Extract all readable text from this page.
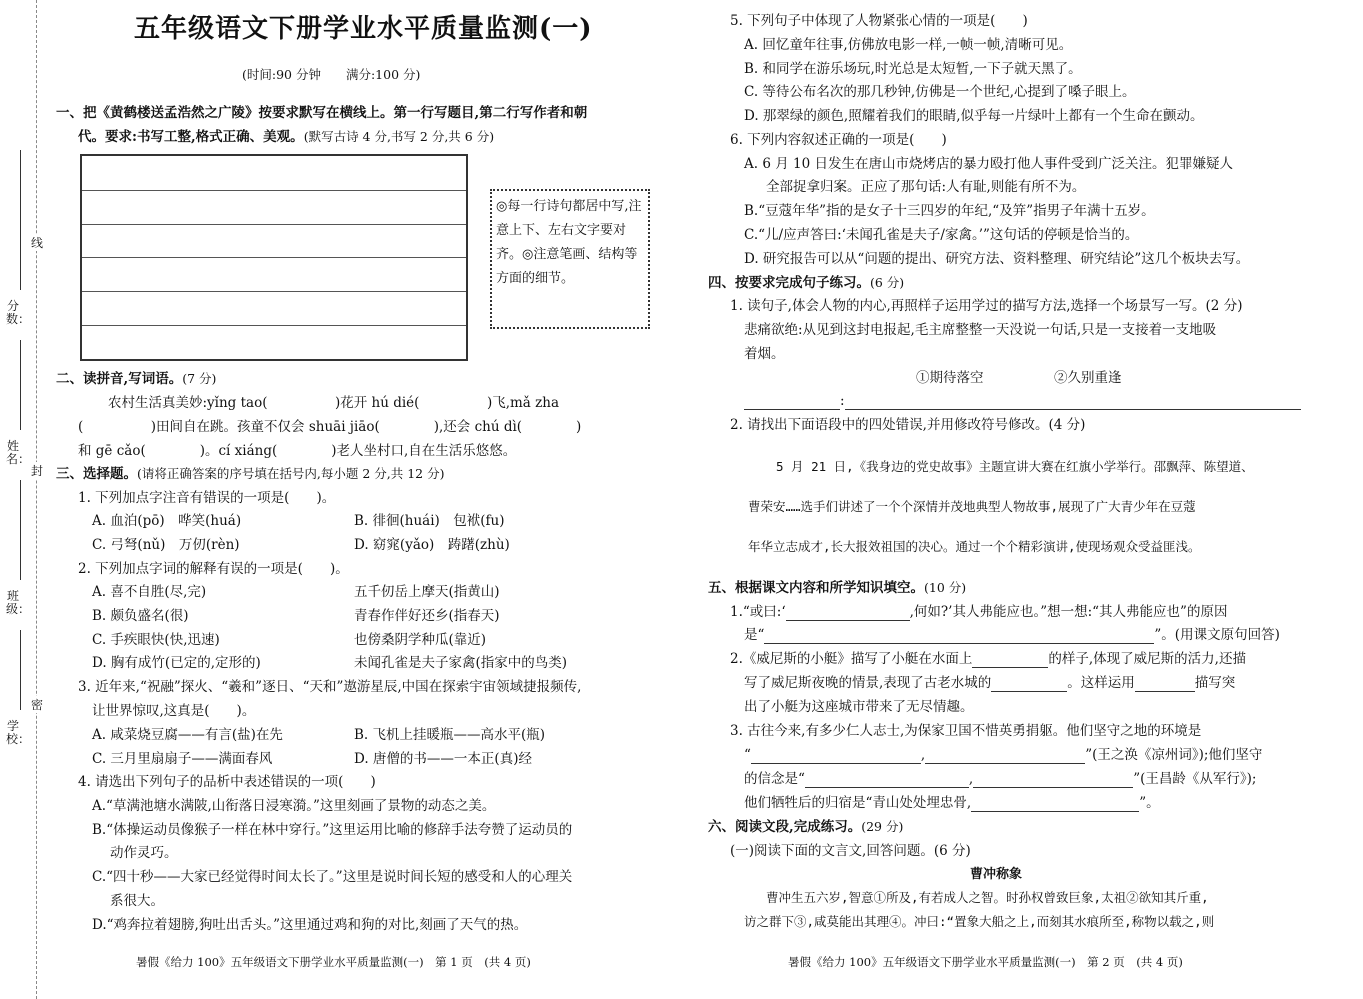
线
分数：
姓名：
封
班级：
密
学校：
五年级语文下册学业水平质量监测(一)
(时间:90 分钟　　满分:100 分)
一、把《黄鹤楼送孟浩然之广陵》按要求默写在横线上。第一行写题目,第二行写作者和朝
代。要求:书写工整,格式正确、美观。(默写古诗 4 分,书写 2 分,共 6 分)
◎每一行诗句都居中写,注意上下、左右文字要对齐。◎注意笔画、结构等方面的细节。
二、读拼音,写词语。(7 分)
农村生活真美妙:yǐng tao(　　　　　)花开 hú dié(　　　　　)飞,mǎ zha
(　　　　　)田间自在跳。孩童不仅会 shuāi jiāo(　　　　),还会 chú dì(　　　　)
和 gē cǎo(　　　　)。cí xiáng(　　　　)老人坐村口,自在生活乐悠悠。
三、选择题。(请将正确答案的序号填在括号内,每小题 2 分,共 12 分)
1. 下列加点字注音有错误的一项是(　　)。
A. 血泊(pō)　哗笑(huá)	B. 徘徊(huái)　包袱(fu)
C. 弓弩(nǔ)　万仞(rèn)	D. 窈窕(yǎo)　踌躇(zhù)
2. 下列加点字词的解释有误的一项是(　　)。
A. 喜不自胜(尽,完)	五千仞岳上摩天(指黄山)
B. 颇负盛名(很)	青春作伴好还乡(指春天)
C. 手疾眼快(快,迅速)	也傍桑阴学种瓜(靠近)
D. 胸有成竹(已定的,定形的)	未闻孔雀是夫子家禽(指家中的鸟类)
3. 近年来,“祝融”探火、“羲和”逐日、“天和”遨游星辰,中国在探索宇宙领域捷报频传,
让世界惊叹,这真是(　　)。
A. 咸菜烧豆腐——有言(盐)在先	B. 飞机上挂暖瓶——高水平(瓶)
C. 三月里扇扇子——满面春风	D. 唐僧的书——一本正(真)经
4. 请选出下列句子的品析中表述错误的一项(　　)
A.“草满池塘水满陂,山衔落日浸寒漪。”这里刻画了景物的动态之美。
B.“体操运动员像猴子一样在林中穿行。”这里运用比喻的修辞手法夸赞了运动员的
动作灵巧。
C.“四十秒——大家已经觉得时间太长了。”这里是说时间长短的感受和人的心理关
系很大。
D.“鸡奔拉着翅膀,狗吐出舌头。”这里通过鸡和狗的对比,刻画了天气的热。
暑假《给力 100》五年级语文下册学业水平质量监测(一)　第 1 页　(共 4 页)
5. 下列句子中体现了人物紧张心情的一项是(　　)
A. 回忆童年往事,仿佛放电影一样,一帧一帧,清晰可见。
B. 和同学在游乐场玩,时光总是太短暂,一下子就天黑了。
C. 等待公布名次的那几秒钟,仿佛是一个世纪,心提到了嗓子眼上。
D. 那翠绿的颜色,照耀着我们的眼睛,似乎每一片绿叶上都有一个生命在颤动。
6. 下列内容叙述正确的一项是(　　)
A. 6 月 10 日发生在唐山市烧烤店的暴力殴打他人事件受到广泛关注。犯罪嫌疑人
全部捉拿归案。正应了那句话:人有耻,则能有所不为。
B.“豆蔻年华”指的是女子十三四岁的年纪,“及笄”指男子年满十五岁。
C.“儿/应声答曰:‘未闻孔雀是夫子/家禽。’”这句话的停顿是恰当的。
D. 研究报告可以从“问题的提出、研究方法、资料整理、研究结论”这几个板块去写。
四、按要求完成句子练习。(6 分)
1. 读句子,体会人物的内心,再照样子运用学过的描写方法,选择一个场景写一写。(2 分)
悲痛欲绝:从见到这封电报起,毛主席整整一天没说一句话,只是一支接着一支地吸
着烟。
①期待落空	②久别重逢
:
2. 请找出下面语段中的四处错误,并用修改符号修改。(4 分)
5 月 21 日,《我身边的党史故事》主题宣讲大赛在红旗小学举行。邵飘萍、陈望道、
曹荣安……选手们讲述了一个个深情并茂地典型人物故事,展现了广大青少年在豆蔻
年华立志成才,长大报效祖国的决心。通过一个个精彩演讲,使现场观众受益匪浅。
五、根据课文内容和所学知识填空。(10 分)
1.“或曰:‘	,何如?’其人弗能应也。”想一想:“其人弗能应也”的原因
是“	”。(用课文原句回答)
2.《威尼斯的小艇》描写了小艇在水面上	的样子,体现了威尼斯的活力,还描
写了威尼斯夜晚的情景,表现了古老水城的	。这样运用	描写突
出了小艇为这座城市带来了无尽情趣。
3. 古往今来,有多少仁人志士,为保家卫国不惜英勇捐躯。他们坚守之地的环境是
“	,	”(王之涣《凉州词》);他们坚守
的信念是“	,	”(王昌龄《从军行》);
他们牺牲后的归宿是“青山处处埋忠骨,	”。
六、阅读文段,完成练习。(29 分)
(一)阅读下面的文言文,回答问题。(6 分)
曹冲称象
曹冲生五六岁,智意①所及,有若成人之智。时孙权曾致巨象,太祖②欲知其斤重,
访之群下③,咸莫能出其理④。冲曰:“置象大船之上,而刻其水痕所至,称物以载之,则
暑假《给力 100》五年级语文下册学业水平质量监测(一)　第 2 页　(共 4 页)
